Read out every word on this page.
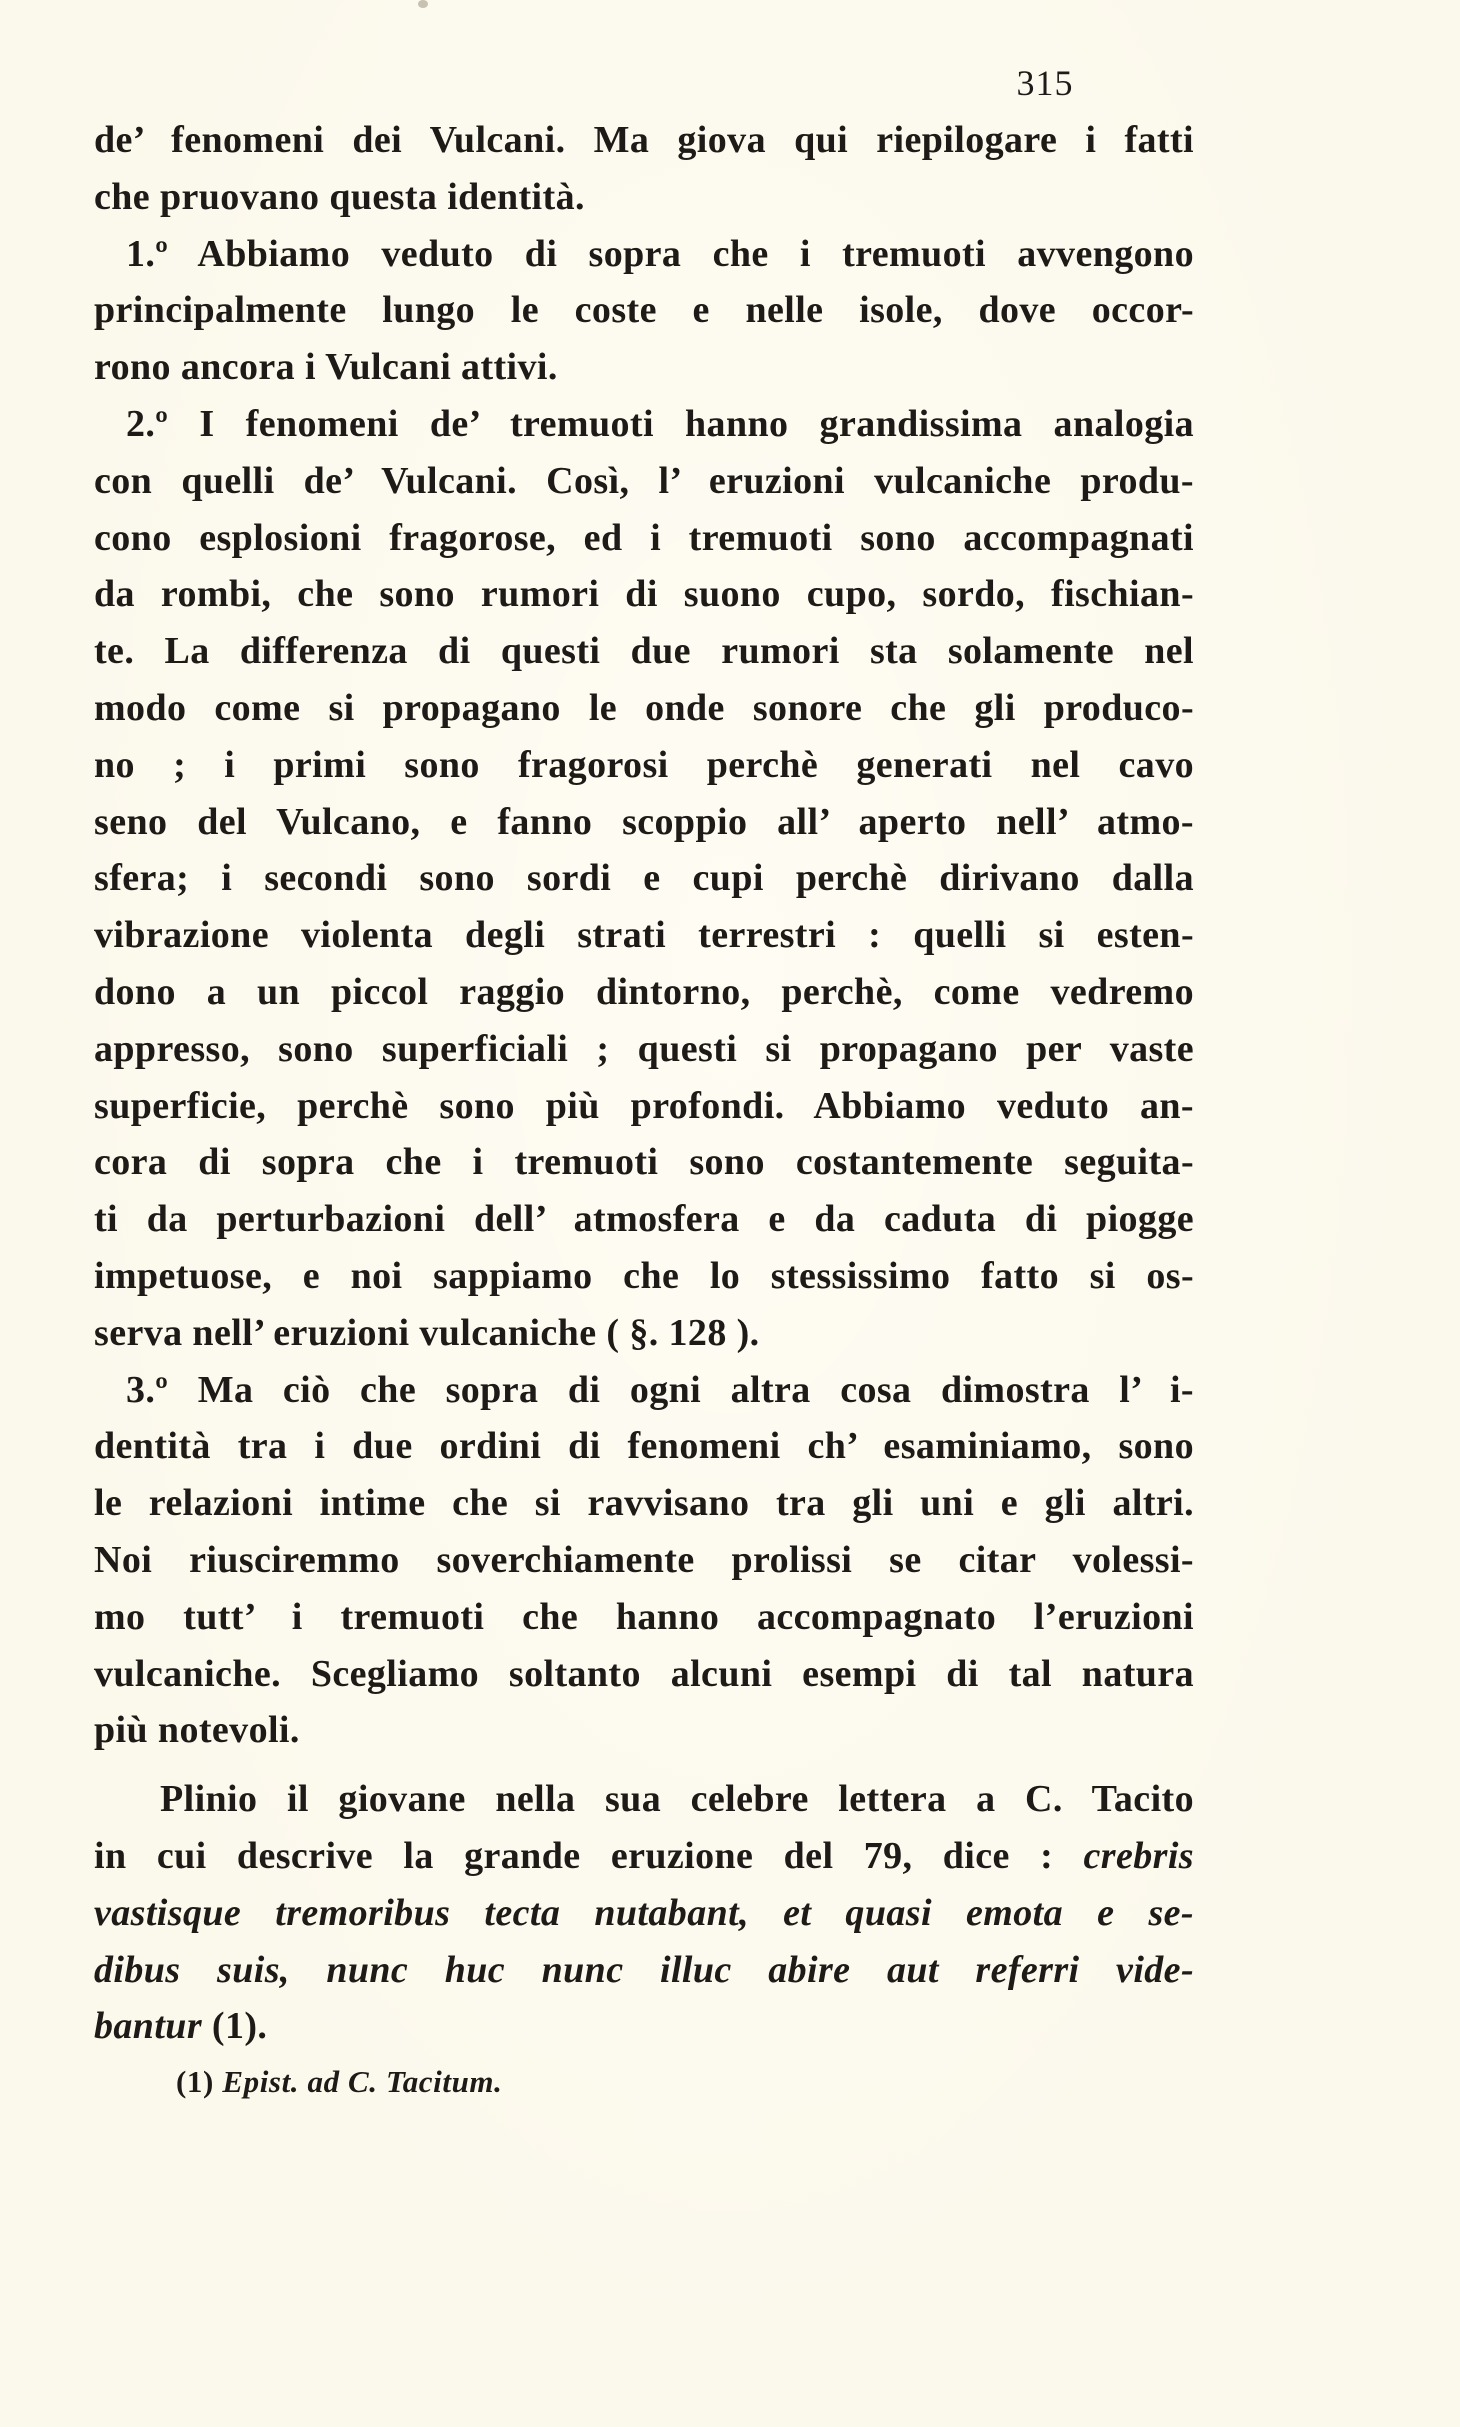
315
de’ fenomeni dei Vulcani. Ma giova qui riepilogare i fatti
che pruovano questa identità.
1.º Abbiamo veduto di sopra che i tremuoti avvengono
principalmente lungo le coste e nelle isole, dove occor-
rono ancora i Vulcani attivi.
2.º I fenomeni de’ tremuoti hanno grandissima analogia
con quelli de’ Vulcani. Così, l’ eruzioni vulcaniche produ-
cono esplosioni fragorose, ed i tremuoti sono accompagnati
da rombi, che sono rumori di suono cupo, sordo, fischian-
te. La differenza di questi due rumori sta solamente nel
modo come si propagano le onde sonore che gli produco-
no ; i primi sono fragorosi perchè generati nel cavo
seno del Vulcano, e fanno scoppio all’ aperto nell’ atmo-
sfera; i secondi sono sordi e cupi perchè dirivano dalla
vibrazione violenta degli strati terrestri : quelli si esten-
dono a un piccol raggio dintorno, perchè, come vedremo
appresso, sono superficiali ; questi si propagano per vaste
superficie, perchè sono più profondi. Abbiamo veduto an-
cora di sopra che i tremuoti sono costantemente seguita-
ti da perturbazioni dell’ atmosfera e da caduta di piogge
impetuose, e noi sappiamo che lo stessissimo fatto si os-
serva nell’ eruzioni vulcaniche ( §. 128 ).
3.º Ma ciò che sopra di ogni altra cosa dimostra l’ i-
dentità tra i due ordini di fenomeni ch’ esaminiamo, sono
le relazioni intime che si ravvisano tra gli uni e gli altri.
Noi riusciremmo soverchiamente prolissi se citar volessi-
mo tutt’ i tremuoti che hanno accompagnato l’eruzioni
vulcaniche. Scegliamo soltanto alcuni esempi di tal natura
più notevoli.
Plinio il giovane nella sua celebre lettera a C. Tacito
in cui descrive la grande eruzione del 79, dice : crebris
vastisque tremoribus tecta nutabant, et quasi emota e se-
dibus suis, nunc huc nunc illuc abire aut referri vide-
bantur (1).
(1) Epist. ad C. Tacitum.
